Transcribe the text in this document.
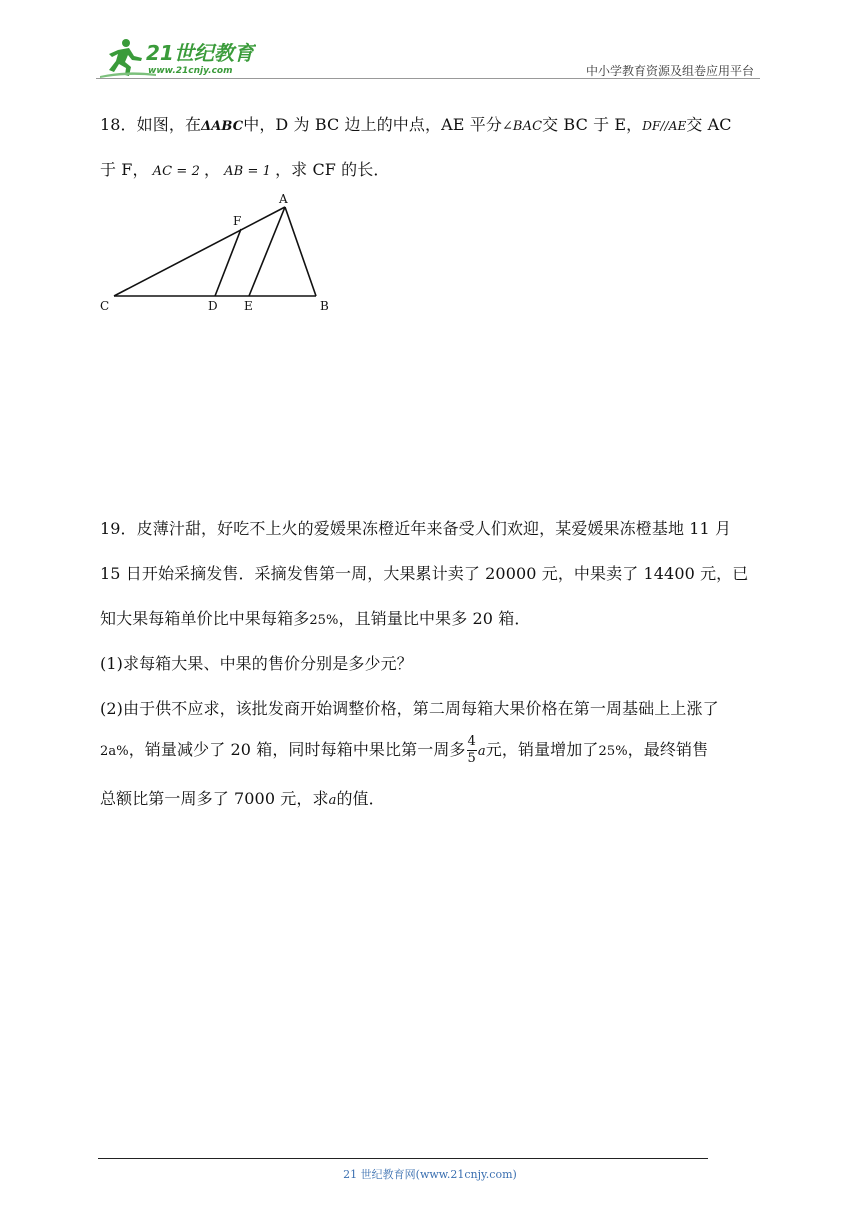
21世纪教育
www.21cnjy.com	中小学教育资源及组卷应用平台
18．如图，在ΔABC中，D 为 BC 边上的中点，AE 平分∠BAC交 BC 于 E，DF//AE交 AC
于 F， AC = 2 ， AB = 1 ，求 CF 的长．
A
F
C	D E	B
19．皮薄汁甜，好吃不上火的爱媛果冻橙近年来备受人们欢迎，某爱媛果冻橙基地 11 月
15 日开始采摘发售．采摘发售第一周，大果累计卖了 20000 元，中果卖了 14400 元，已
知大果每箱单价比中果每箱多25%，且销量比中果多 20 箱．
(1)求每箱大果、中果的售价分别是多少元？
(2)由于供不应求，该批发商开始调整价格，第二周每箱大果价格在第一周基础上上涨了
2a%，销量减少了 20 箱，同时每箱中果比第一周多 $\frac{4}{5}$ a元，销量增加了25%，最终销售
总额比第一周多了 7000 元，求a的值．
21 世纪教育网(www.21cnjy.com)
